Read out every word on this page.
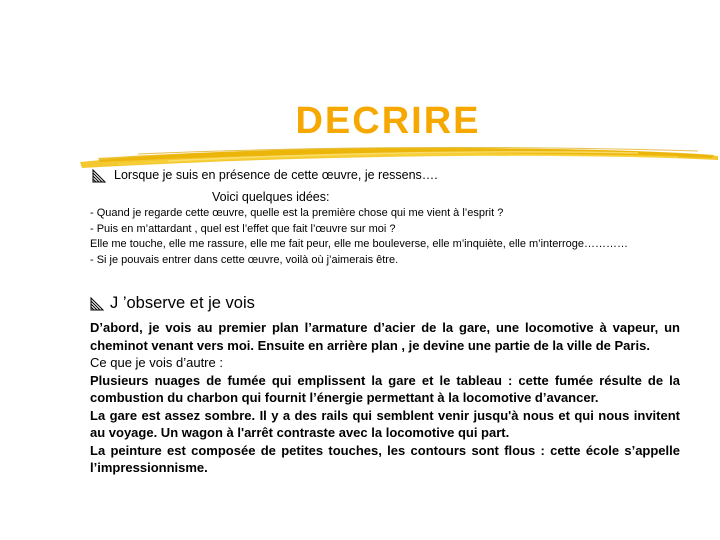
DECRIRE
Lorsque je suis en présence de cette œuvre, je ressens….
Voici quelques idées:
- Quand je regarde cette œuvre, quelle est la première chose qui me vient à l’esprit ?
- Puis en m’attardant , quel est l’effet que fait l’œuvre sur moi ?
Elle me touche, elle me rassure, elle me fait peur, elle me bouleverse, elle m’inquiète, elle m’interroge…………
- Si je pouvais entrer dans cette œuvre, voilà où j’aimerais être.
J ’observe et je vois

D’abord, je vois au premier plan l’armature d’acier de la gare, une locomotive à vapeur, un cheminot venant vers moi. Ensuite en arrière plan , je devine une partie de la ville de Paris.

Ce que je vois d’autre :

Plusieurs nuages de fumée qui emplissent la gare et le tableau : cette fumée résulte de la combustion du charbon qui fournit l’énergie permettant à la locomotive d’avancer.

La gare est assez sombre. Il y a des rails qui semblent venir jusqu'à nous et qui nous invitent au voyage. Un wagon à l'arrêt contraste avec la locomotive qui part.

La peinture est composée de petites touches, les contours sont flous : cette école s’appelle l’impressionnisme.
